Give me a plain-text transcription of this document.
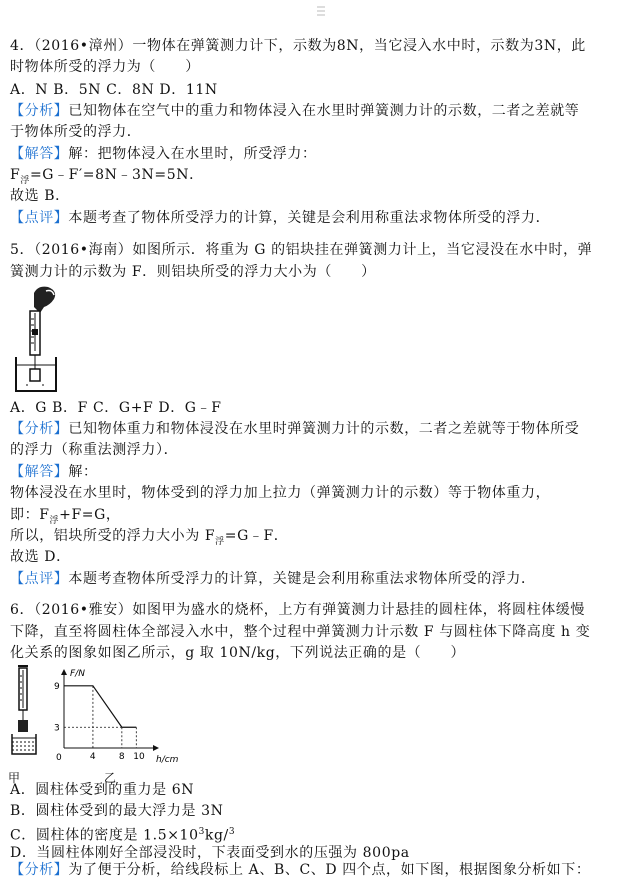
4．（2016•漳州）一物体在弹簧测力计下，示数为8N，当它浸入水中时，示数为3N，此
时物体所受的浮力为（　　）
A．N B．5N C．8N D．11N
【分析】已知物体在空气中的重力和物体浸入在水里时弹簧测力计的示数，二者之差就等
于物体所受的浮力．
【解答】解：把物体浸入在水里时，所受浮力：
$F_浮=G﹣F'=8N﹣3N=5N$．
故选 B．
【点评】本题考查了物体所受浮力的计算，关键是会利用称重法求物体所受的浮力．
5．（2016•海南）如图所示．将重为 G 的铝块挂在弹簧测力计上，当它浸没在水中时，弹
簧测力计的示数为 F．则铝块所受的浮力大小为（　　）
A．G B．F C．G+F D．G﹣F
【分析】已知物体重力和物体浸没在水里时弹簧测力计的示数，二者之差就等于物体所受
的浮力（称重法测浮力）．
【解答】解：
物体浸没在水里时，物体受到的浮力加上拉力（弹簧测力计的示数）等于物体重力，
即：$F_浮+F=G$，
所以，铝块所受的浮力大小为 $F_浮=G﹣F$．
故选 D．
【点评】本题考查物体所受浮力的计算，关键是会利用称重法求物体所受的浮力．
6．（2016•雅安）如图甲为盛水的烧杯，上方有弹簧测力计悬挂的圆柱体，将圆柱体缓慢
下降，直至将圆柱体全部浸入水中，整个过程中弹簧测力计示数 F 与圆柱体下降高度 h 变
化关系的图象如图乙所示，g 取 10N/kg，下列说法正确的是（　　）
甲
F/N
h/cm
0	4	8 10
9
3
乙
A．圆柱体受到的重力是 6N
B．圆柱体受到的最大浮力是 3N
C．圆柱体的密度是 $1.5\times 10^3kg/^3$
D．当圆柱体刚好全部浸没时，下表面受到水的压强为 800pa
【分析】为了便于分析，给线段标上 A、B、C、D 四个点，如下图，根据图象分析如下：
